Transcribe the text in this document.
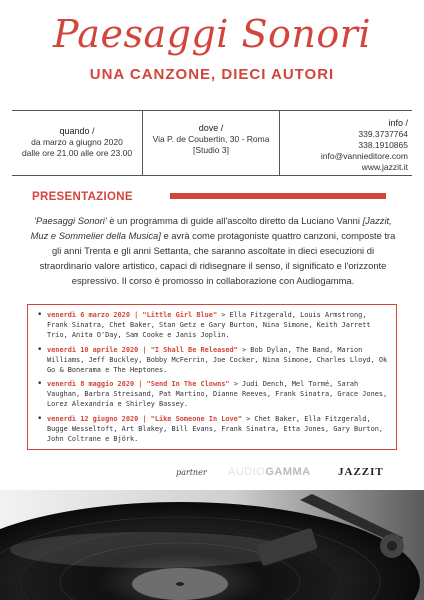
Paesaggi Sonori
UNA CANZONE, DIECI AUTORI
quando /
da marzo a giugno 2020
dalle ore 21.00 alle ore 23.00
dove /
Via P. de Coubertin, 30 - Roma
[Studio 3]
info /
339.3737764
338.1910865
info@vannieditore.com
www.jazzit.it
PRESENTAZIONE
'Paesaggi Sonori' è un programma di guide all'ascolto diretto da Luciano Vanni [Jazzit, Muz e Sommelier della Musica] e avrà come protagoniste quattro canzoni, composte tra gli anni Trenta e gli anni Settanta, che saranno ascoltate in dieci esecuzioni di straordinario valore artistico, capaci di ridisegnare il senso, il significato e l'orizzonte espressivo. Il corso è promosso in collaborazione con Audiogamma.
• venerdì 6 marzo 2020 | "Little Girl Blue" > Ella Fitzgerald, Louis Armstrong, Frank Sinatra, Chet Baker, Stan Getz e Gary Burton, Nina Simone, Keith Jarrett Trio, Anita O'Day, Sam Cooke e Janis Joplin.
• venerdì 10 aprile 2020 | "I Shall Be Released" > Bob Dylan, The Band, Marion Williams, Jeff Buckley, Bobby McFerrin, Joe Cocker, Nina Simone, Charles Lloyd, Ok Go & Bonerama e The Heptones.
• venerdì 8 maggio 2020 | "Send In The Clowns" > Judi Dench, Mel Tormé, Sarah Vaughan, Barbra Streisand, Pat Martino, Dianne Reeves, Frank Sinatra, Grace Jones, Lorez Alexandria e Shirley Bassey.
• venerdì 12 giugno 2020 | "Like Someone In Love" > Chet Baker, Ella Fitzgerald, Bugge Wesseltoft, Art Blakey, Bill Evans, Frank Sinatra, Etta Jones, Gary Burton, John Coltrane e Björk.
partner AUDIOGAMMA JAZZIT
